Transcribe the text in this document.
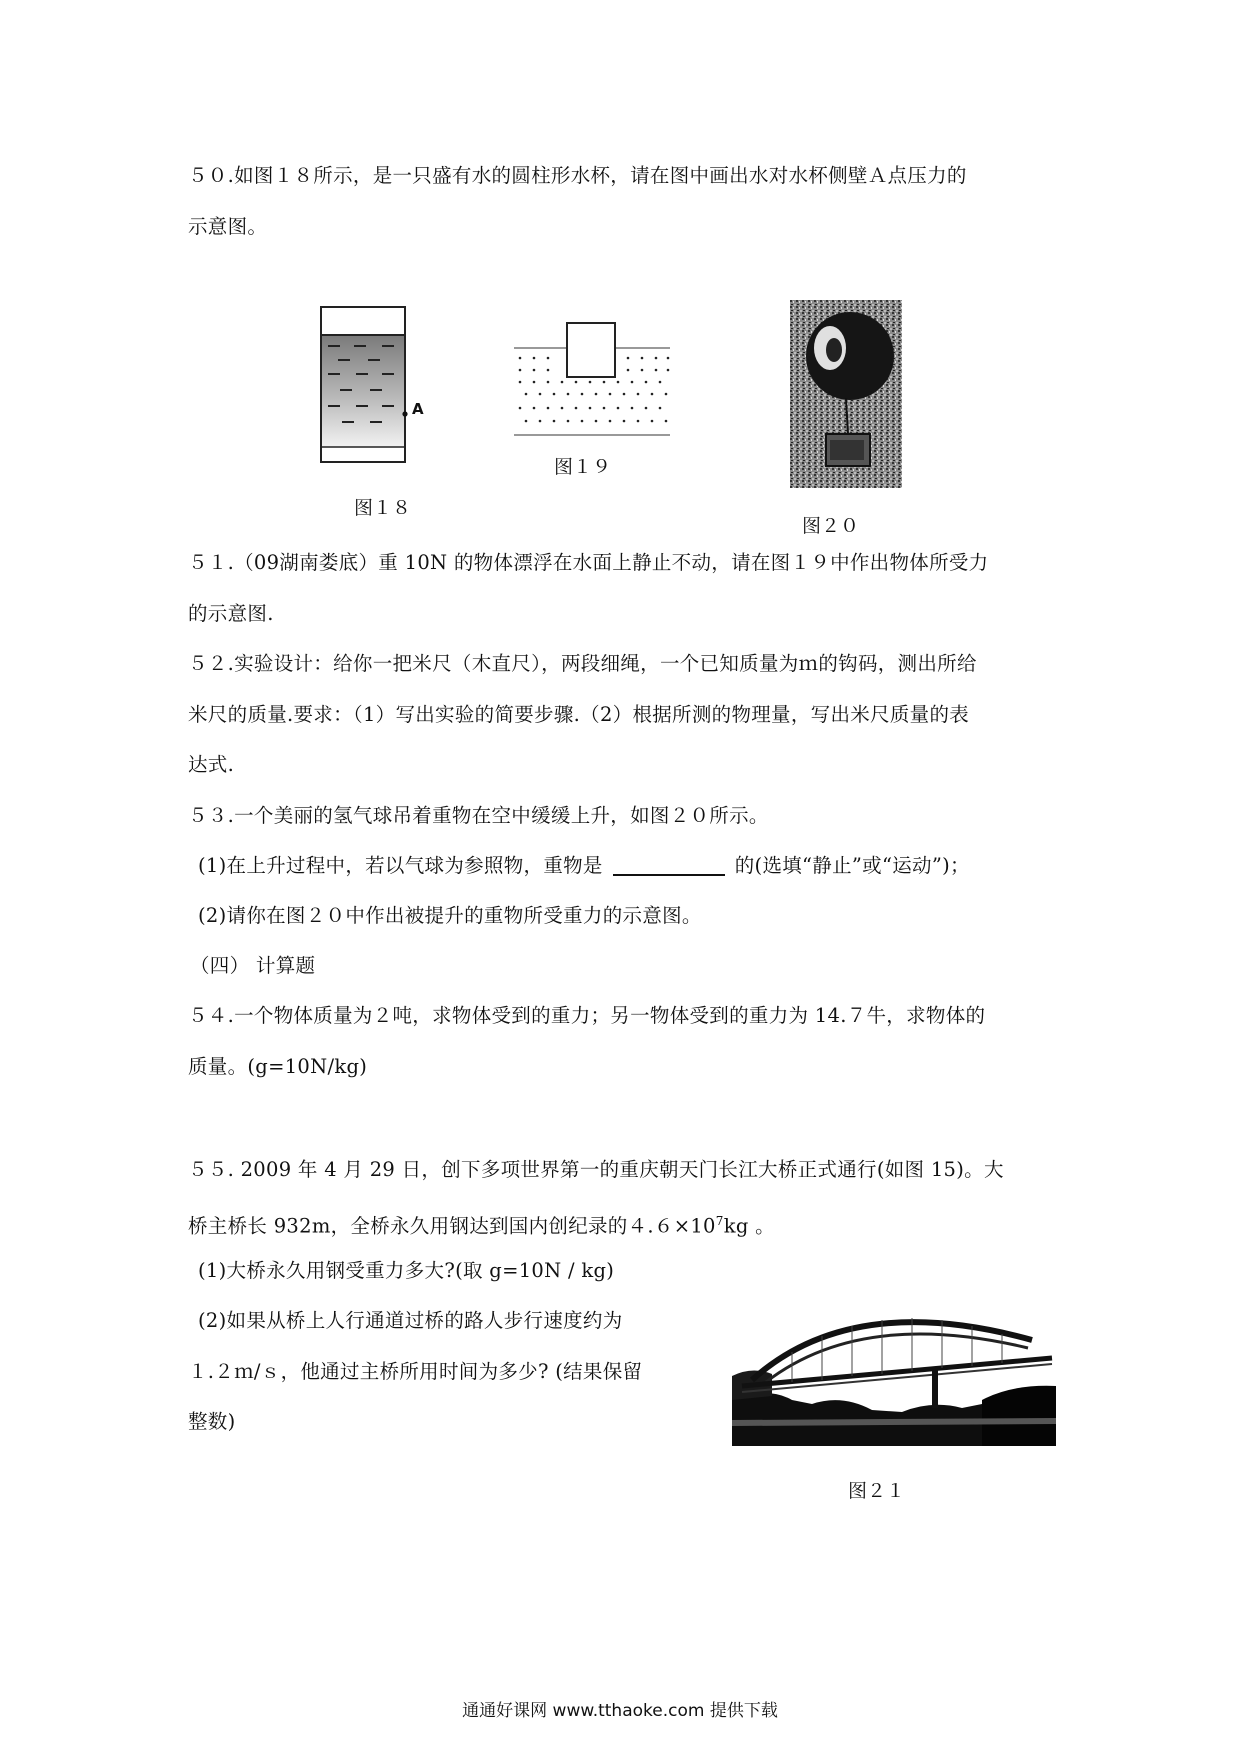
５０.如图１８所示，是一只盛有水的圆柱形水杯，请在图中画出水对水杯侧壁Ａ点压力的
示意图。
A
图１８
图１９
图２０
５１.（09湖南娄底）重 10N 的物体漂浮在水面上静止不动，请在图１９中作出物体所受力
的示意图.
５２.实验设计：给你一把米尺（木直尺），两段细绳，一个已知质量为ｍ的钩码，测出所给
米尺的质量.要求：（1）写出实验的简要步骤.（2）根据所测的物理量，写出米尺质量的表
达式.
５３.一个美丽的氢气球吊着重物在空中缓缓上升，如图２０所示。
(1)在上升过程中，若以气球为参照物，重物是	的(选填“静止”或“运动”)；
(2)请你在图２０中作出被提升的重物所受重力的示意图。
（四） 计算题
５４.一个物体质量为２吨，求物体受到的重力；另一物体受到的重力为 14.７牛，求物体的
质量。(g=10N/kg)
５５. 2009 年 4 月 29 日，创下多项世界第一的重庆朝天门长江大桥正式通行(如图 15)。大
桥主桥长 932m，全桥永久用钢达到国内创纪录的$4.6\times 10^7kg$ 。
(1)大桥永久用钢受重力多大?(取 g=10N / kg)
(2)如果从桥上人行通道过桥的路人步行速度约为
１.２ｍ/ｓ，他通过主桥所用时间为多少? (结果保留
整数)
图２１
通通好课网 www.tthaoke.com 提供下载
